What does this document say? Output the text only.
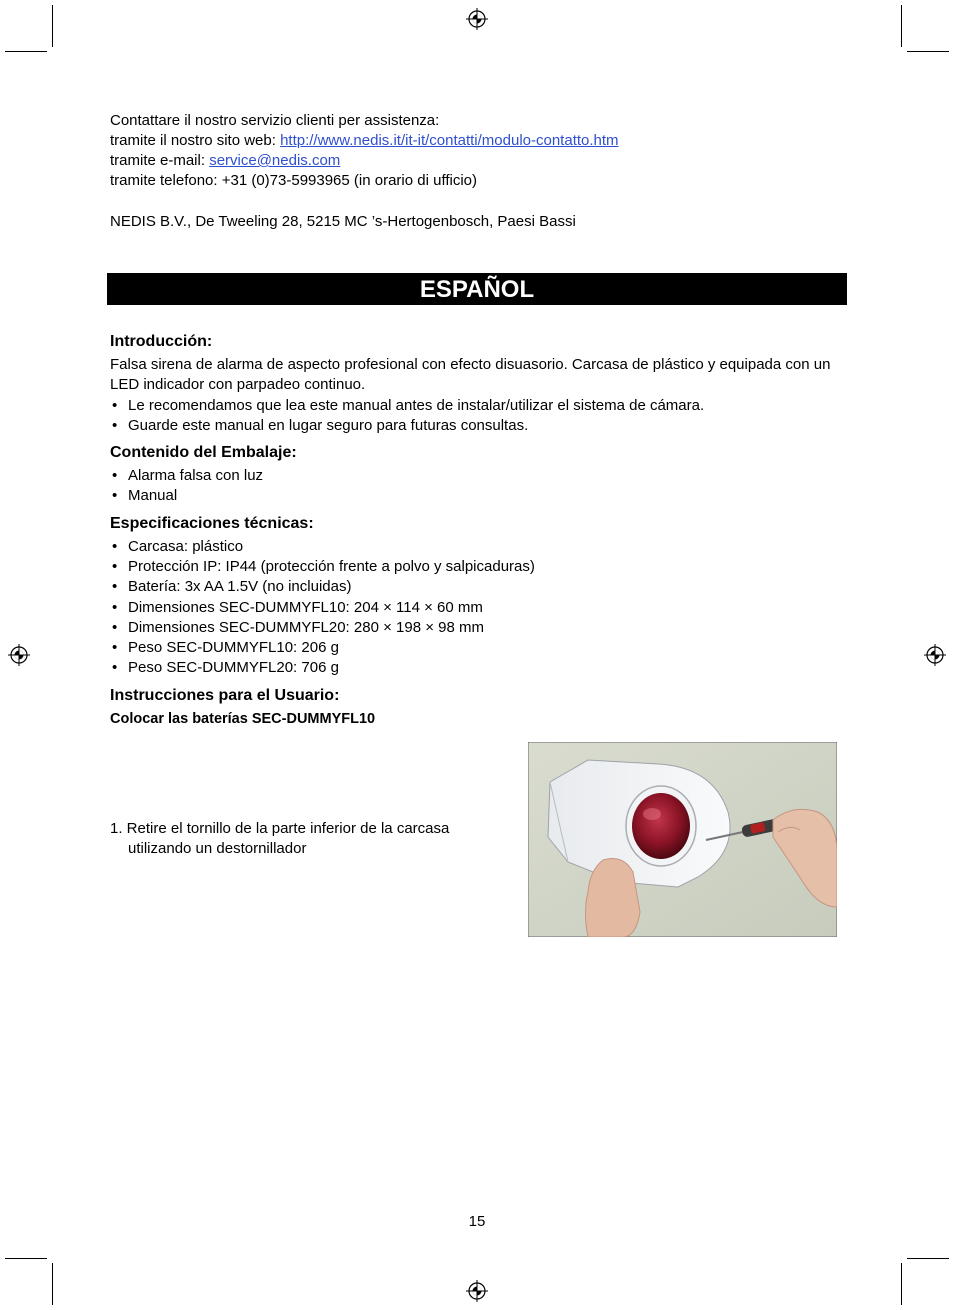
Contattare il nostro servizio clienti per assistenza:
tramite il nostro sito web: http://www.nedis.it/it-it/contatti/modulo-contatto.htm
tramite e-mail: service@nedis.com
tramite telefono: +31 (0)73-5993965 (in orario di ufficio)
NEDIS B.V., De Tweeling 28, 5215 MC ’s-Hertogenbosch, Paesi Bassi
ESPAÑOL
Introducción:
Falsa sirena de alarma de aspecto profesional con efecto disuasorio. Carcasa de plástico y equipada con un LED indicador con parpadeo continuo.
• Le recomendamos que lea este manual antes de instalar/utilizar el sistema de cámara.
• Guarde este manual en lugar seguro para futuras consultas.
Contenido del Embalaje:
• Alarma falsa con luz
• Manual
Especificaciones técnicas:
• Carcasa: plástico
• Protección IP: IP44 (protección frente a polvo y salpicaduras)
• Batería: 3x AA 1.5V (no incluidas)
• Dimensiones SEC-DUMMYFL10: 204 × 114 × 60 mm
• Dimensiones SEC-DUMMYFL20: 280 × 198 × 98 mm
• Peso SEC-DUMMYFL10: 206 g
• Peso SEC-DUMMYFL20: 706 g
Instrucciones para el Usuario:
Colocar las baterías SEC-DUMMYFL10
1. Retire el tornillo de la parte inferior de la carcasa
utilizando un destornillador
15
